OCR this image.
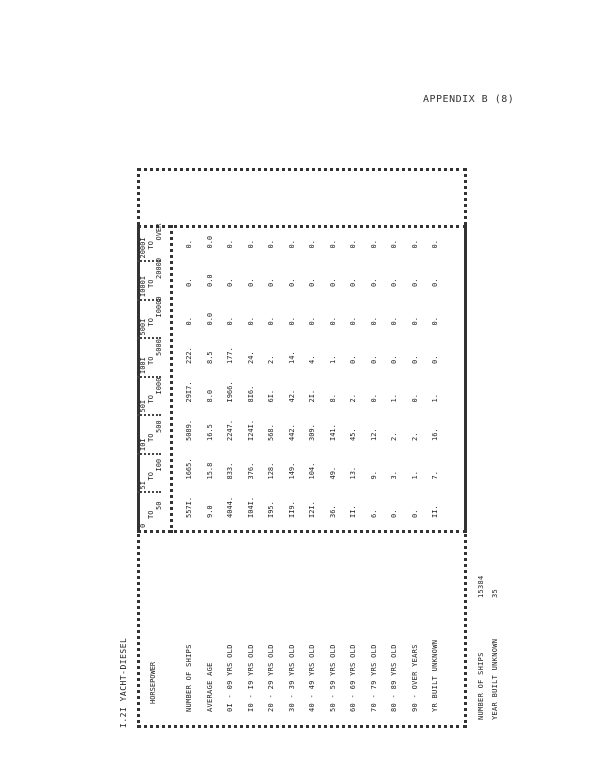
APPENDIX B (8)
I.2I YACHT-DIESEL	HORSEPOWER
0
TO
50
5I
TO
I00
I0I
TO
500
50I
TO
I000
I00I TO
5000
500I TO
I0000
I000I TO
20000
2000I TO
OVER
NUMBER OF SHIPS
557I.
1665.
5089.
29I7.
222.
0.
0.
0.
AVERAGE AGE
9.0
15.8
16.5
8.0
8.5
0.0
0.0
0.0
0I - 09 YRS OLD
4044.
833.
2247.
I966.
177.
0.
0.
0.
I0 - I9 YRS OLD
I04I.
376.
I24I.
8I6.
24.
0.
0.
0.
20 - 29 YRS OLD
I95.
128.
568.
6I.
2.
0.
0.
0.
30 - 39 YRS OLD
II9.
149.
442.
42.
14.
0.
0.
0.
40 - 49 YRS OLD
I2I.
104.
309.
2I.
4.
0.
0.
0.
50 - 59 YRS OLD
36.
49.
I41.
8.
1.
0.
0.
0.
60 - 69 YRS OLD
II.
13.
45.
2.
0.
0.
0.
0.
70 - 79 YRS OLD
6.
9.
12.
0.
0.
0.
0.
0.
80 - 89 YRS OLD
0.
3.
2.
1.
0.
0.
0.
0.
90 - OVER YEARS
0.
1.
2.
0.
0.
0.
0.
0.
YR BUILT UNKNOWN
II.
7.
16.
1.
0.
0.
0.
0.
NUMBER OF SHIPS
15384
YEAR BUILT UNKNOWN
35
